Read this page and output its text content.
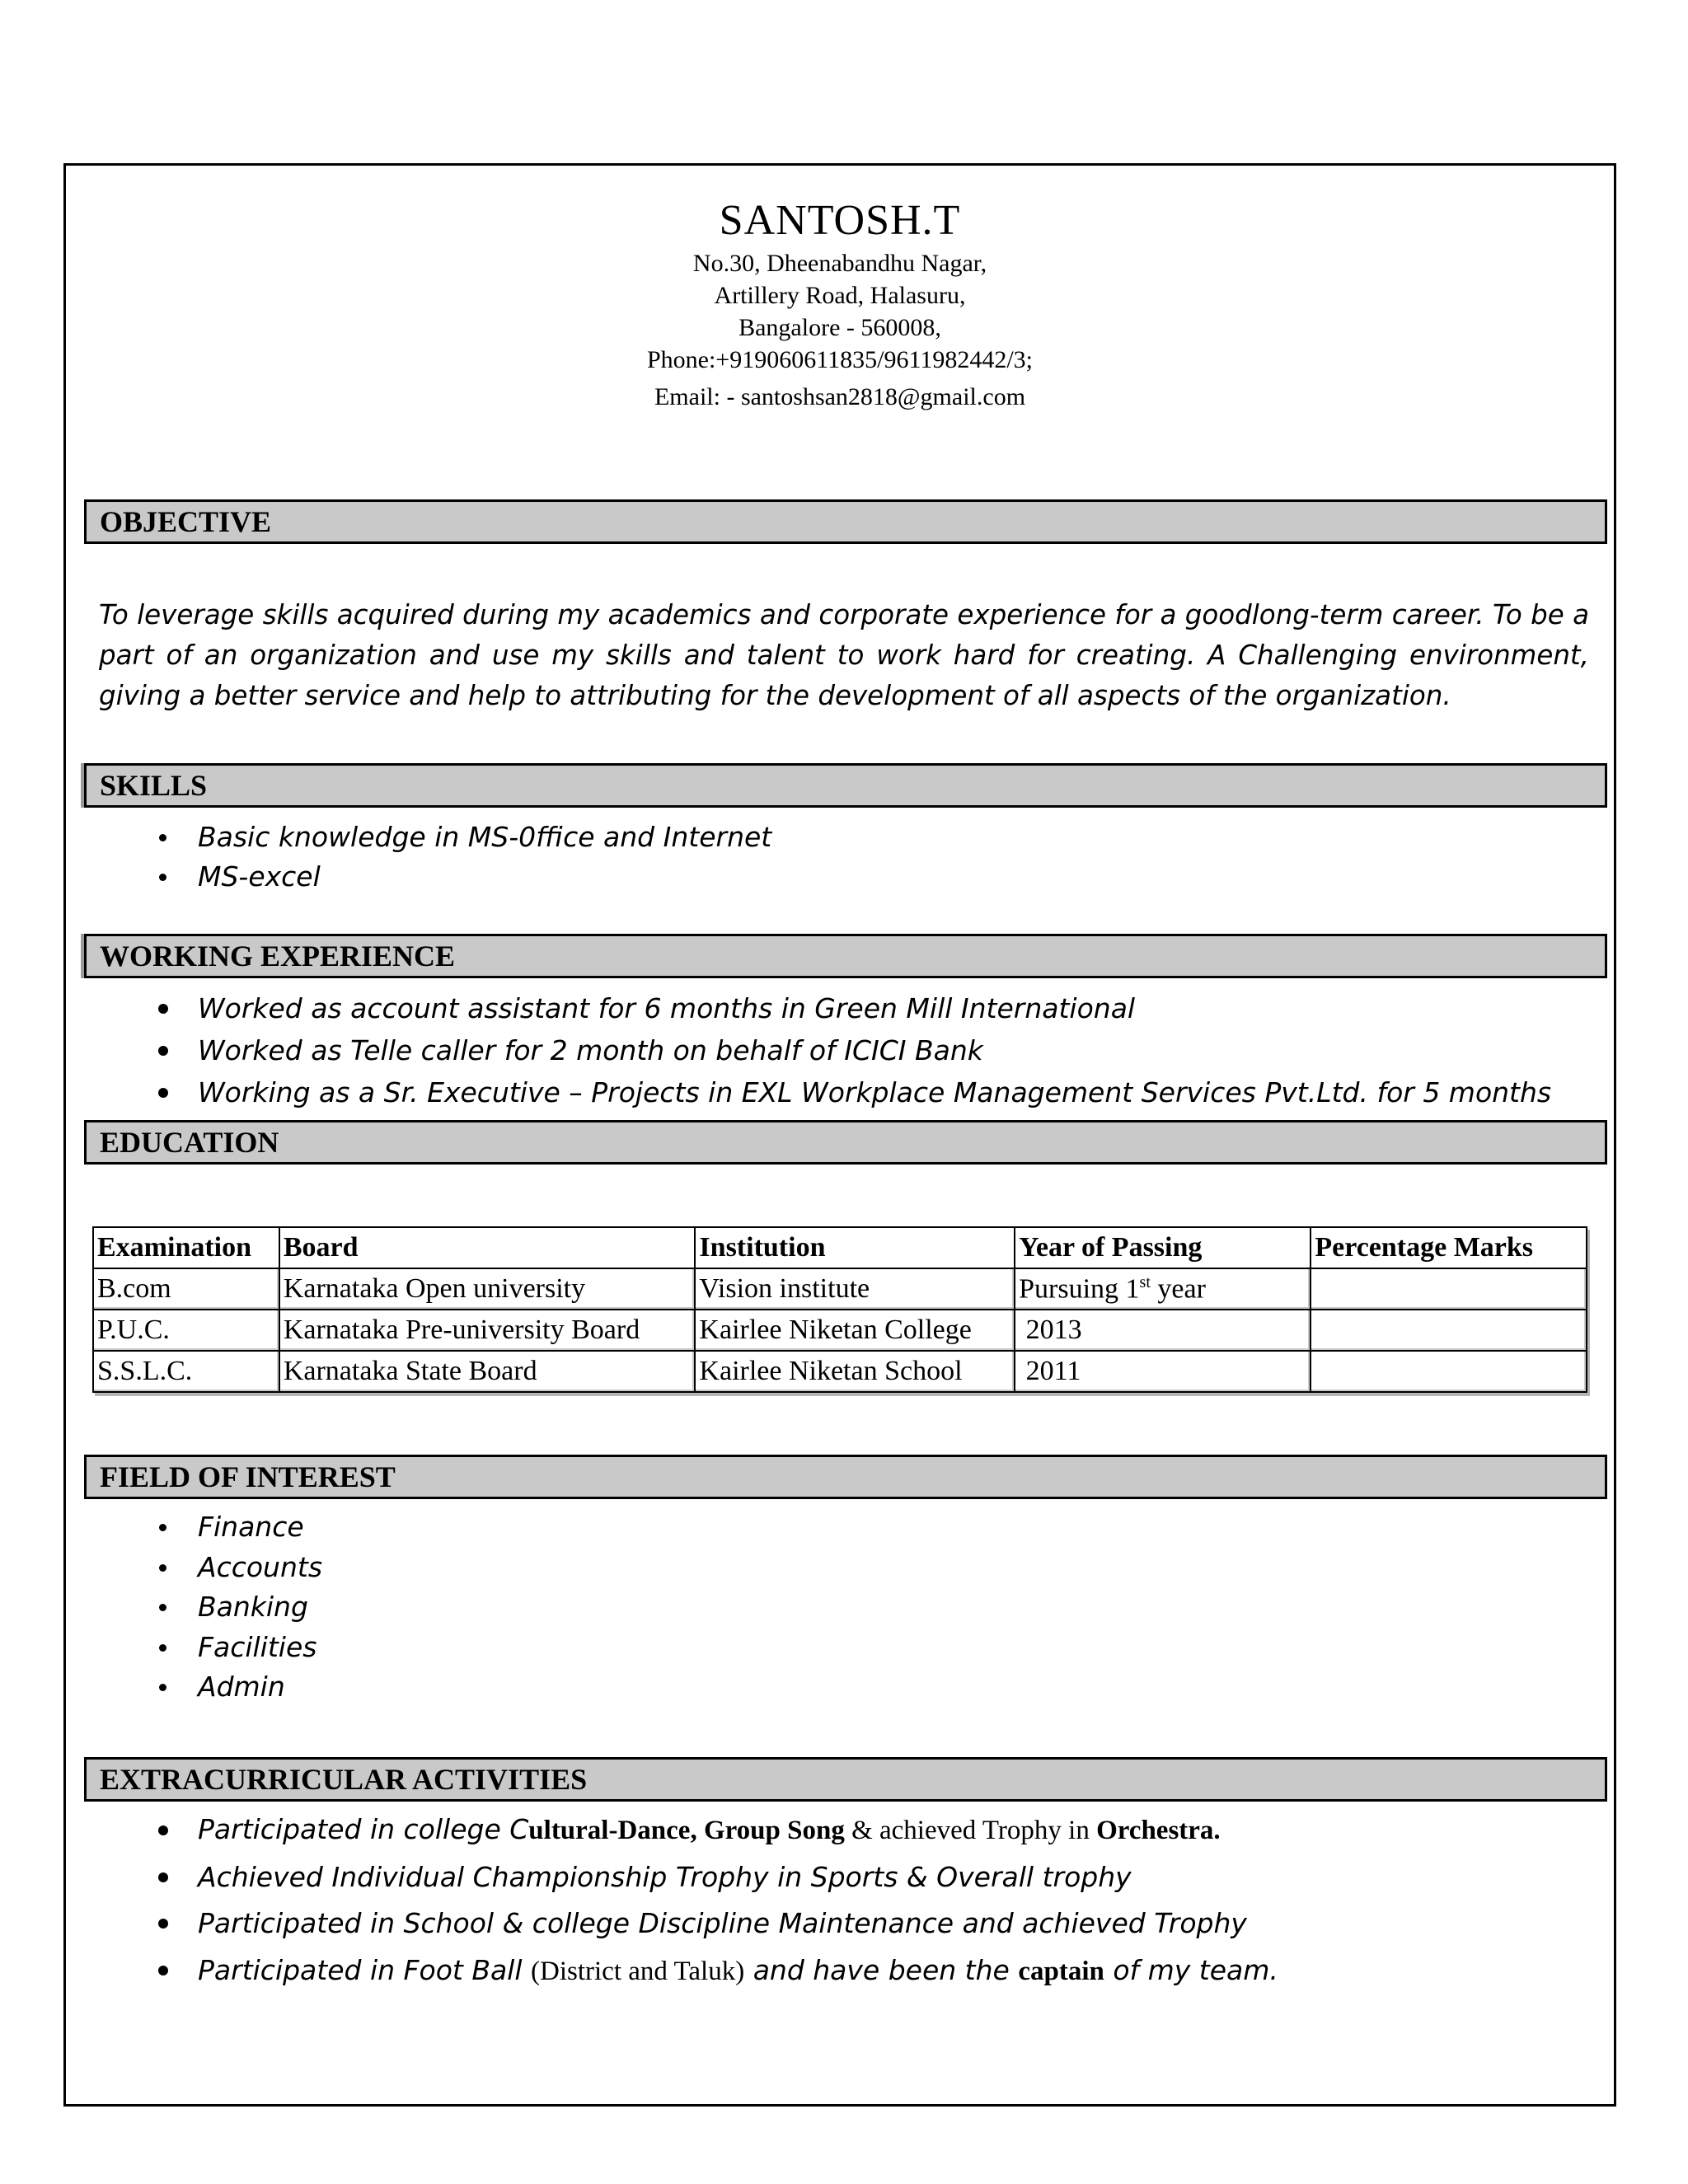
SANTOSH.T
No.30, Dheenabandhu Nagar,
Artillery Road, Halasuru,
Bangalore - 560008,
Phone:+919060611835/9611982442/3;
Email: - santoshsan2818@gmail.com
OBJECTIVE
To leverage skills acquired during my academics and corporate experience for a goodlong-term career. To be a part of an organization and use my skills and talent to work hard for creating. A Challenging environment, giving a better service and help to attributing for the development of all aspects of the organization.
SKILLS
Basic knowledge in MS-0ffice and Internet
MS-excel
WORKING EXPERIENCE
Worked as account assistant for 6 months in Green Mill International
Worked as Telle caller for 2 month on behalf of ICICI Bank
Working as a Sr. Executive – Projects in EXL Workplace Management Services Pvt.Ltd. for 5 months
EDUCATION
Examination	Board	Institution	Year of Passing	Percentage Marks
B.com	Karnataka Open university	Vision institute	Pursuing 1st year	
P.U.C.	Karnataka Pre-university Board	Kairlee Niketan College	2013	
S.S.L.C.	Karnataka State Board	Kairlee Niketan School	2011	
FIELD OF INTEREST
Finance
Accounts
Banking
Facilities
Admin
EXTRACURRICULAR ACTIVITIES
Participated in college Cultural-Dance, Group Song & achieved Trophy in Orchestra.
Achieved Individual Championship Trophy in Sports & Overall trophy
Participated in School & college Discipline Maintenance and achieved Trophy
Participated in Foot Ball (District and Taluk) and have been the captain of my team.
